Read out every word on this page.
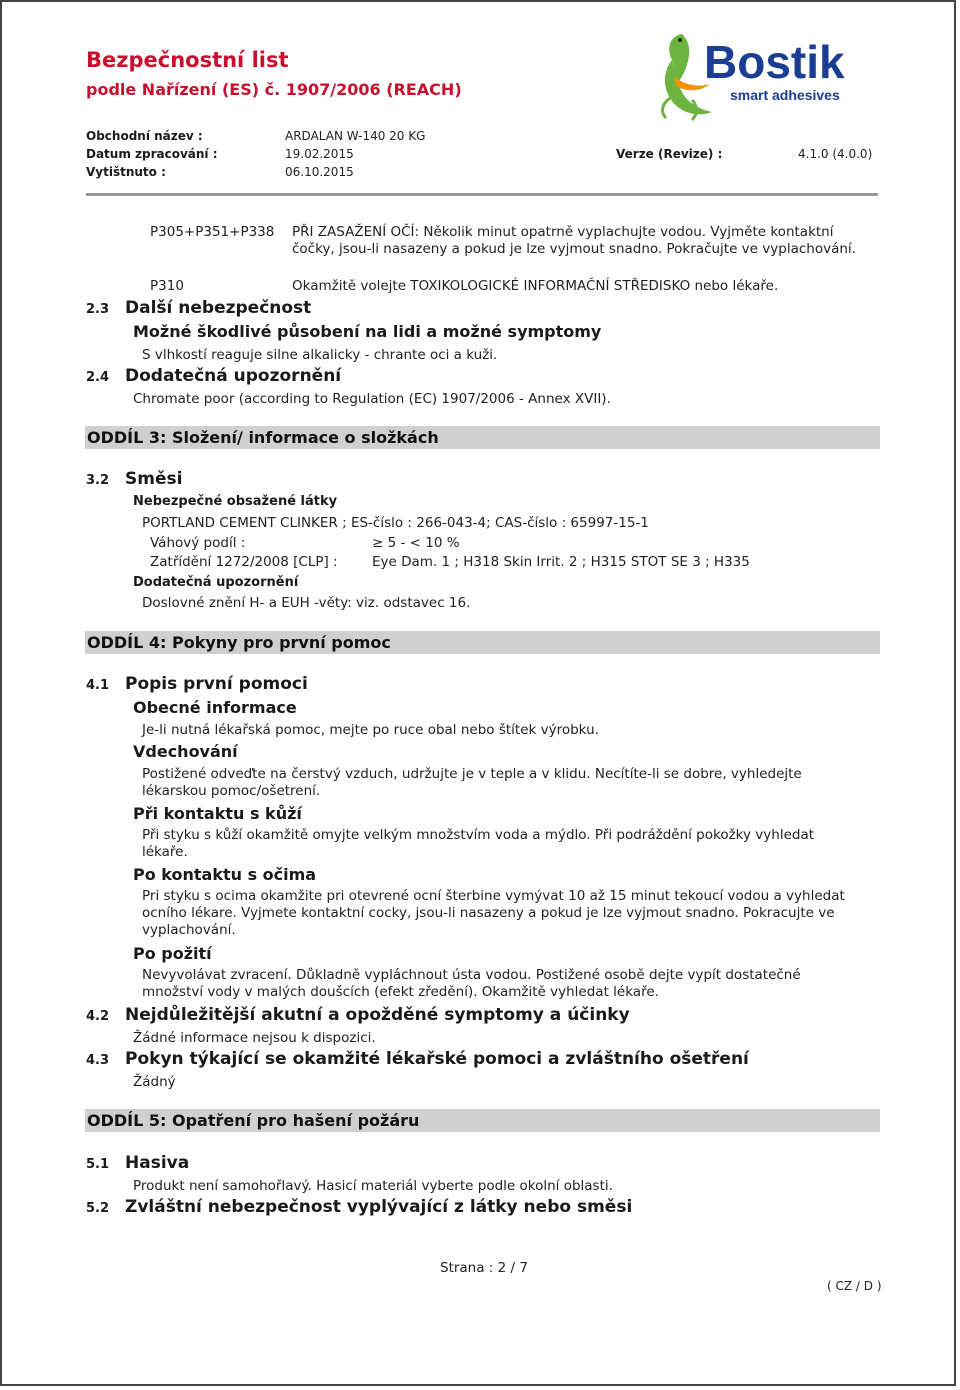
Bezpečnostní list
podle Nařízení (ES) č. 1907/2006 (REACH)
Bostik
smart adhesives
Obchodní název :	ARDALAN W-140 20 KG
Datum zpracování :	19.02.2015	Verze (Revize) :	4.1.0 (4.0.0)
Vytištnuto :	06.10.2015
P305+P351+P338 PŘI ZASAŽENÍ OČÍ: Několik minut opatrně vyplachujte vodou. Vyjměte kontaktní čočky, jsou-li nasazeny a pokud je lze vyjmout snadno. Pokračujte ve vyplachování.
P310	Okamžitě volejte TOXIKOLOGICKÉ INFORMAČNÍ STŘEDISKO nebo lékaře.
2.3 Další nebezpečnost
Možné škodlivé působení na lidi a možné symptomy
S vlhkostí reaguje silne alkalicky - chrante oci a kuži.
2.4 Dodatečná upozornění
Chromate poor (according to Regulation (EC) 1907/2006 - Annex XVII).
ODDÍL 3: Složení/ informace o složkách
3.2 Směsi
Nebezpečné obsažené látky
PORTLAND CEMENT CLINKER ; ES-číslo : 266-043-4; CAS-číslo : 65997-15-1
Váhový podíl :	≥ 5 - < 10 %
Zatřídění 1272/2008 [CLP] :	Eye Dam. 1 ; H318 Skin Irrit. 2 ; H315 STOT SE 3 ; H335
Dodatečná upozornění
Doslovné znění H- a EUH -věty: viz. odstavec 16.
ODDÍL 4: Pokyny pro první pomoc
4.1 Popis první pomoci
Obecné informace
Je-li nutná lékařská pomoc, mejte po ruce obal nebo štítek výrobku.
Vdechování
Postižené odveďte na čerstvý vzduch, udržujte je v teple a v klidu. Necítíte-li se dobre, vyhledejte lékarskou pomoc/ošetrení.
Při kontaktu s kůží
Při styku s kůží okamžitě omyjte velkým množstvím voda a mýdlo. Při podráždění pokožky vyhledat lékaře.
Po kontaktu s očima
Pri styku s ocima okamžite pri otevrené ocní šterbine vymývat 10 až 15 minut tekoucí vodou a vyhledat ocního lékare. Vyjmete kontaktní cocky, jsou-li nasazeny a pokud je lze vyjmout snadno. Pokracujte ve vyplachování.
Po požití
Nevyvolávat zvracení. Důkladně vypláchnout ústa vodou. Postižené osobě dejte vypít dostatečné množství vody v malých doušcích (efekt zředění). Okamžitě vyhledat lékaře.
4.2 Nejdůležitější akutní a opožděné symptomy a účinky
Žádné informace nejsou k dispozici.
4.3 Pokyn týkající se okamžité lékařské pomoci a zvláštního ošetření
Žádný
ODDÍL 5: Opatření pro hašení požáru
5.1 Hasiva
Produkt není samohořlavý. Hasicí materiál vyberte podle okolní oblasti.
5.2 Zvláštní nebezpečnost vyplývající z látky nebo směsi
Strana : 2 / 7
( CZ / D )
